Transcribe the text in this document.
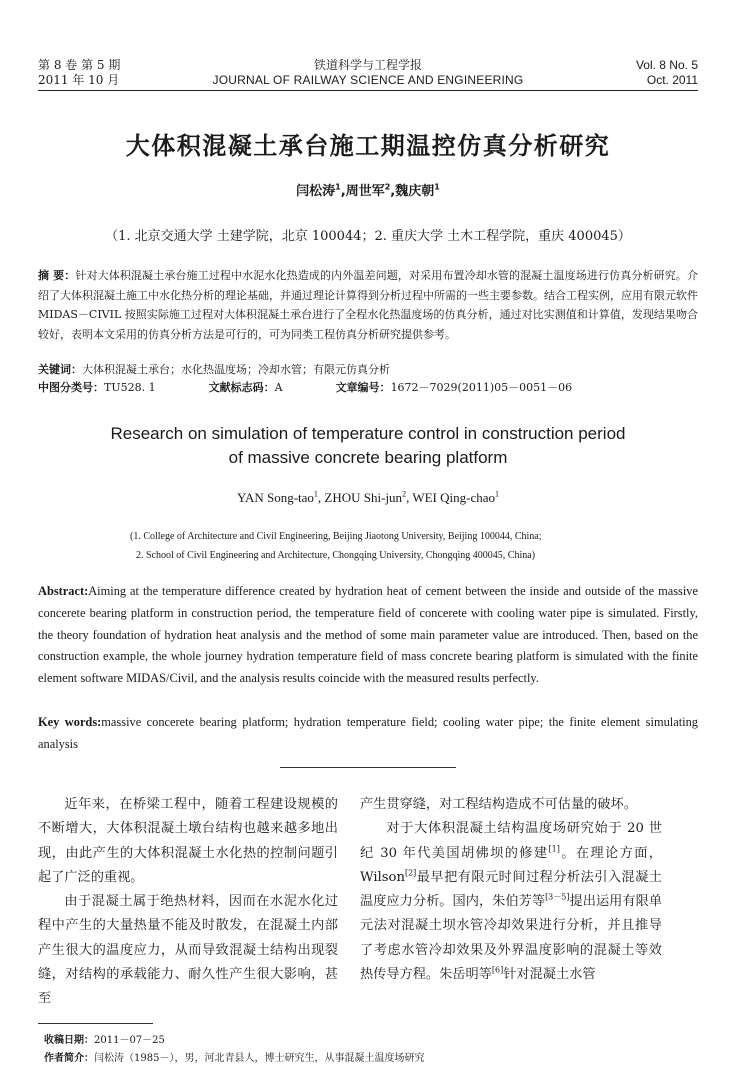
第 8 卷 第 5 期
2011 年 10 月
铁道科学与工程学报
JOURNAL OF RAILWAY SCIENCE AND ENGINEERING
Vol. 8 No. 5
Oct. 2011
大体积混凝土承台施工期温控仿真分析研究
闫松涛$^1$,周世军$^2$,魏庆朝$^1$
（1. 北京交通大学 土建学院，北京 100044；2. 重庆大学 土木工程学院，重庆 400045）
摘 要：针对大体积混凝土承台施工过程中水泥水化热造成的内外温差问题，对采用布置冷却水管的混凝土温度场进行仿真分析研究。介绍了大体积混凝土施工中水化热分析的理论基础，并通过理论计算得到分析过程中所需的一些主要参数。结合工程实例，应用有限元软件 MIDAS－CIVIL 按照实际施工过程对大体积混凝土承台进行了全程水化热温度场的仿真分析，通过对比实测值和计算值，发现结果吻合较好，表明本文采用的仿真分析方法是可行的，可为同类工程仿真分析研究提供参考。
关键词：大体积混凝土承台；水化热温度场；冷却水管；有限元仿真分析
中图分类号：TU528. 1	文献标志码：A	文章编号：1672－7029(2011)05－0051－06
Research on simulation of temperature control in construction period
of massive concrete bearing platform
YAN Song-tao$^1$, ZHOU Shi-jun$^2$, WEI Qing-chao$^1$
(1. College of Architecture and Civil Engineering, Beijing Jiaotong University, Beijing 100044, China;
2. School of Civil Engineering and Architecture, Chongqing University, Chongqing 400045, China)
Abstract:Aiming at the temperature difference created by hydration heat of cement between the inside and outside of the massive concerete bearing platform in construction period, the temperature field of concerete with cooling water pipe is simulated. Firstly, the theory foundation of hydration heat analysis and the method of some main parameter value are introduced. Then, based on the construction example, the whole journey hydration temperature field of mass concrete bearing platform is simulated with the finite element software MIDAS/Civil, and the analysis results coincide with the measured results perfectly.
Key words:massive concerete bearing platform; hydration temperature field; cooling water pipe; the finite element simulating analysis

近年来，在桥梁工程中，随着工程建设规模的不断增大，大体积混凝土墩台结构也越来越多地出现，由此产生的大体积混凝土水化热的控制问题引起了广泛的重视。

由于混凝土属于绝热材料，因而在水泥水化过程中产生的大量热量不能及时散发，在混凝土内部产生很大的温度应力，从而导致混凝土结构出现裂缝，对结构的承载能力、耐久性产生很大影响，甚至

产生贯穿缝，对工程结构造成不可估量的破坏。

对于大体积混凝土结构温度场研究始于 20 世纪 30 年代美国胡佛坝的修建[1]。在理论方面，Wilson[2]最早把有限元时间过程分析法引入混凝土温度应力分析。国内，朱伯芳等[3－5]提出运用有限单元法对混凝土坝水管冷却效果进行分析，并且推导了考虑水管冷却效果及外界温度影响的混凝土等效热传导方程。朱岳明等[6]针对混凝土水管

收稿日期：2011－07－25
作者简介：闫松涛（1985－），男，河北青县人，博士研究生，从事混凝土温度场研究
